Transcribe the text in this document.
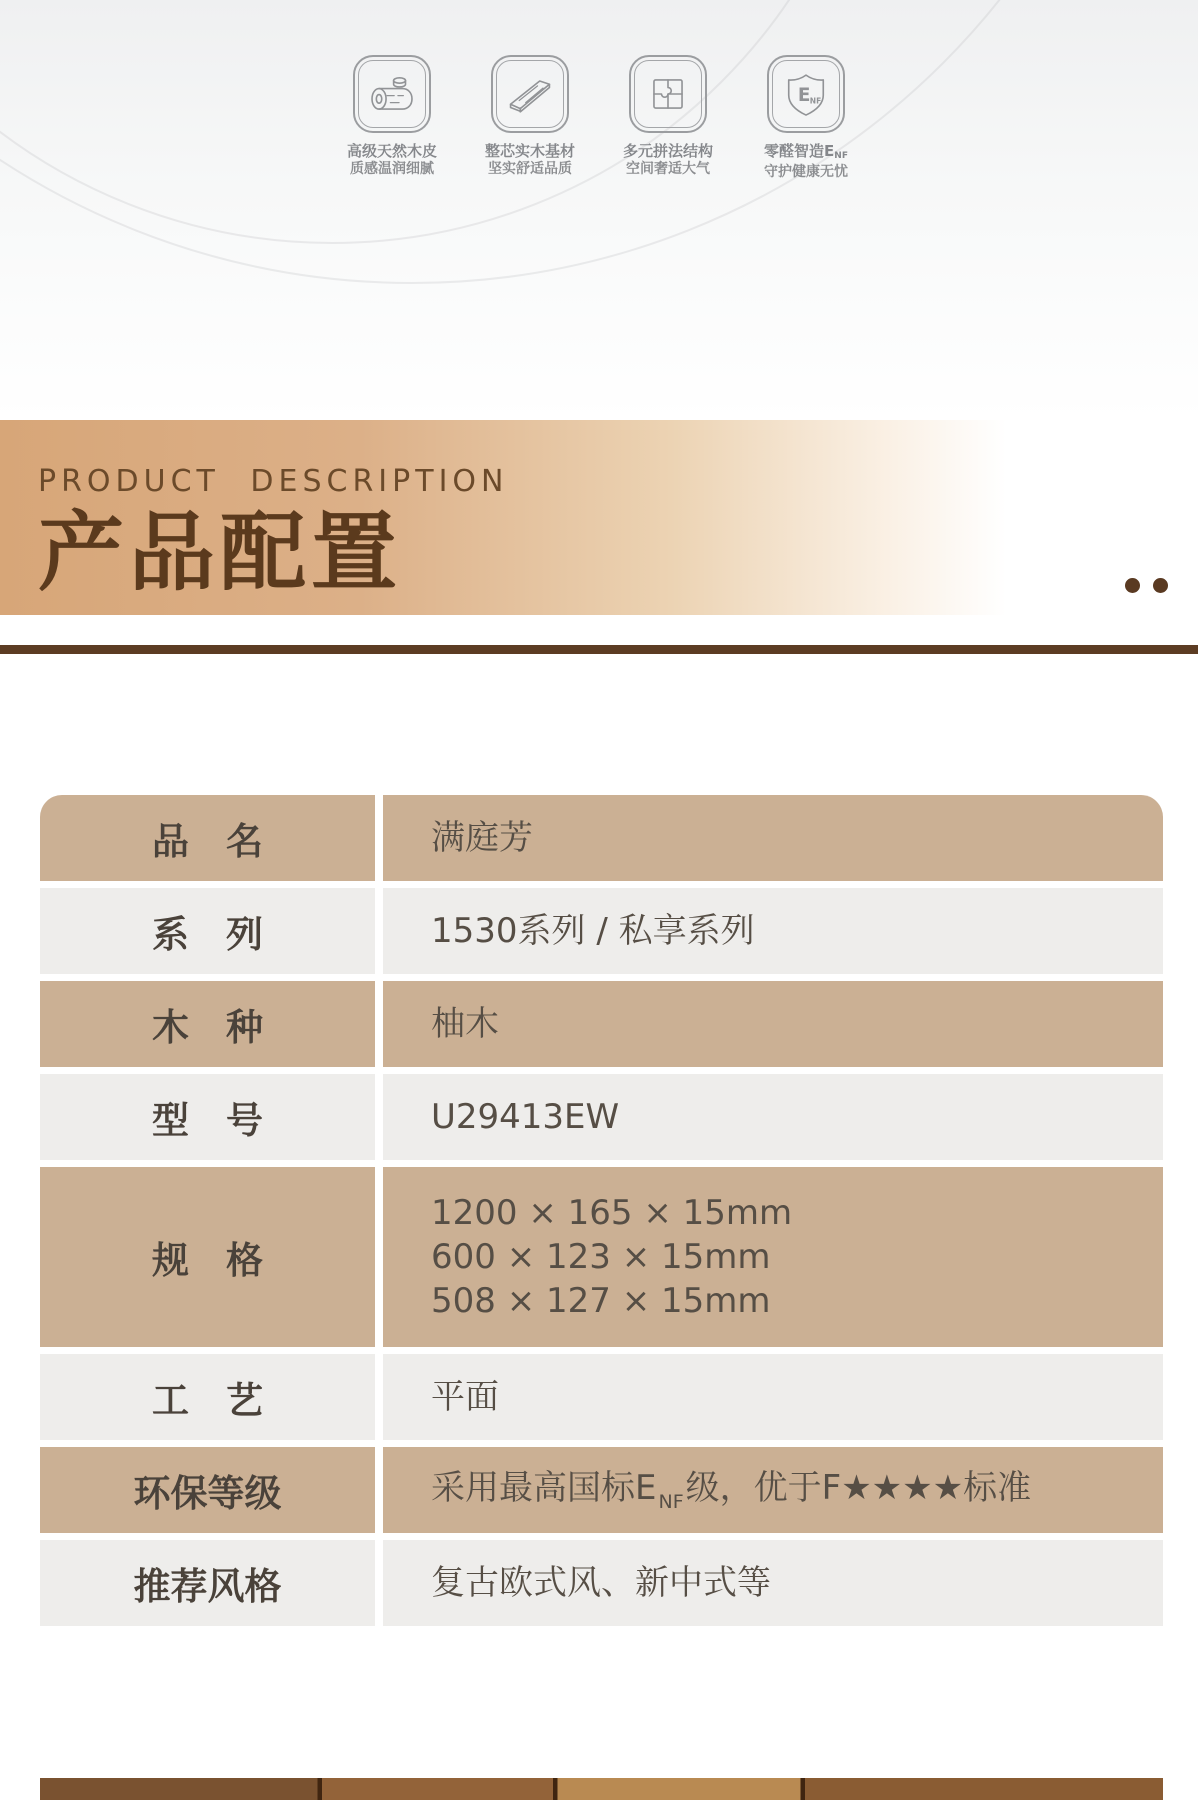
高级天然木皮
质感温润细腻
整芯实木基材
坚实舒适品质
多元拼法结构
空间奢适大气
E NF
零醛智造ENF
守护健康无忧
PRODUCT DESCRIPTION
产品配置
品　名	满庭芳
系　列	1530系列 / 私享系列
木　种	柚木
型　号	U29413EW
规　格
1200 × 165 × 15mm
600 × 123 × 15mm
508 × 127 × 15mm
工　艺	平面
环保等级	采用最高国标E $_{NF}$级，优于F★★★★标准
推荐风格	复古欧式风、新中式等
